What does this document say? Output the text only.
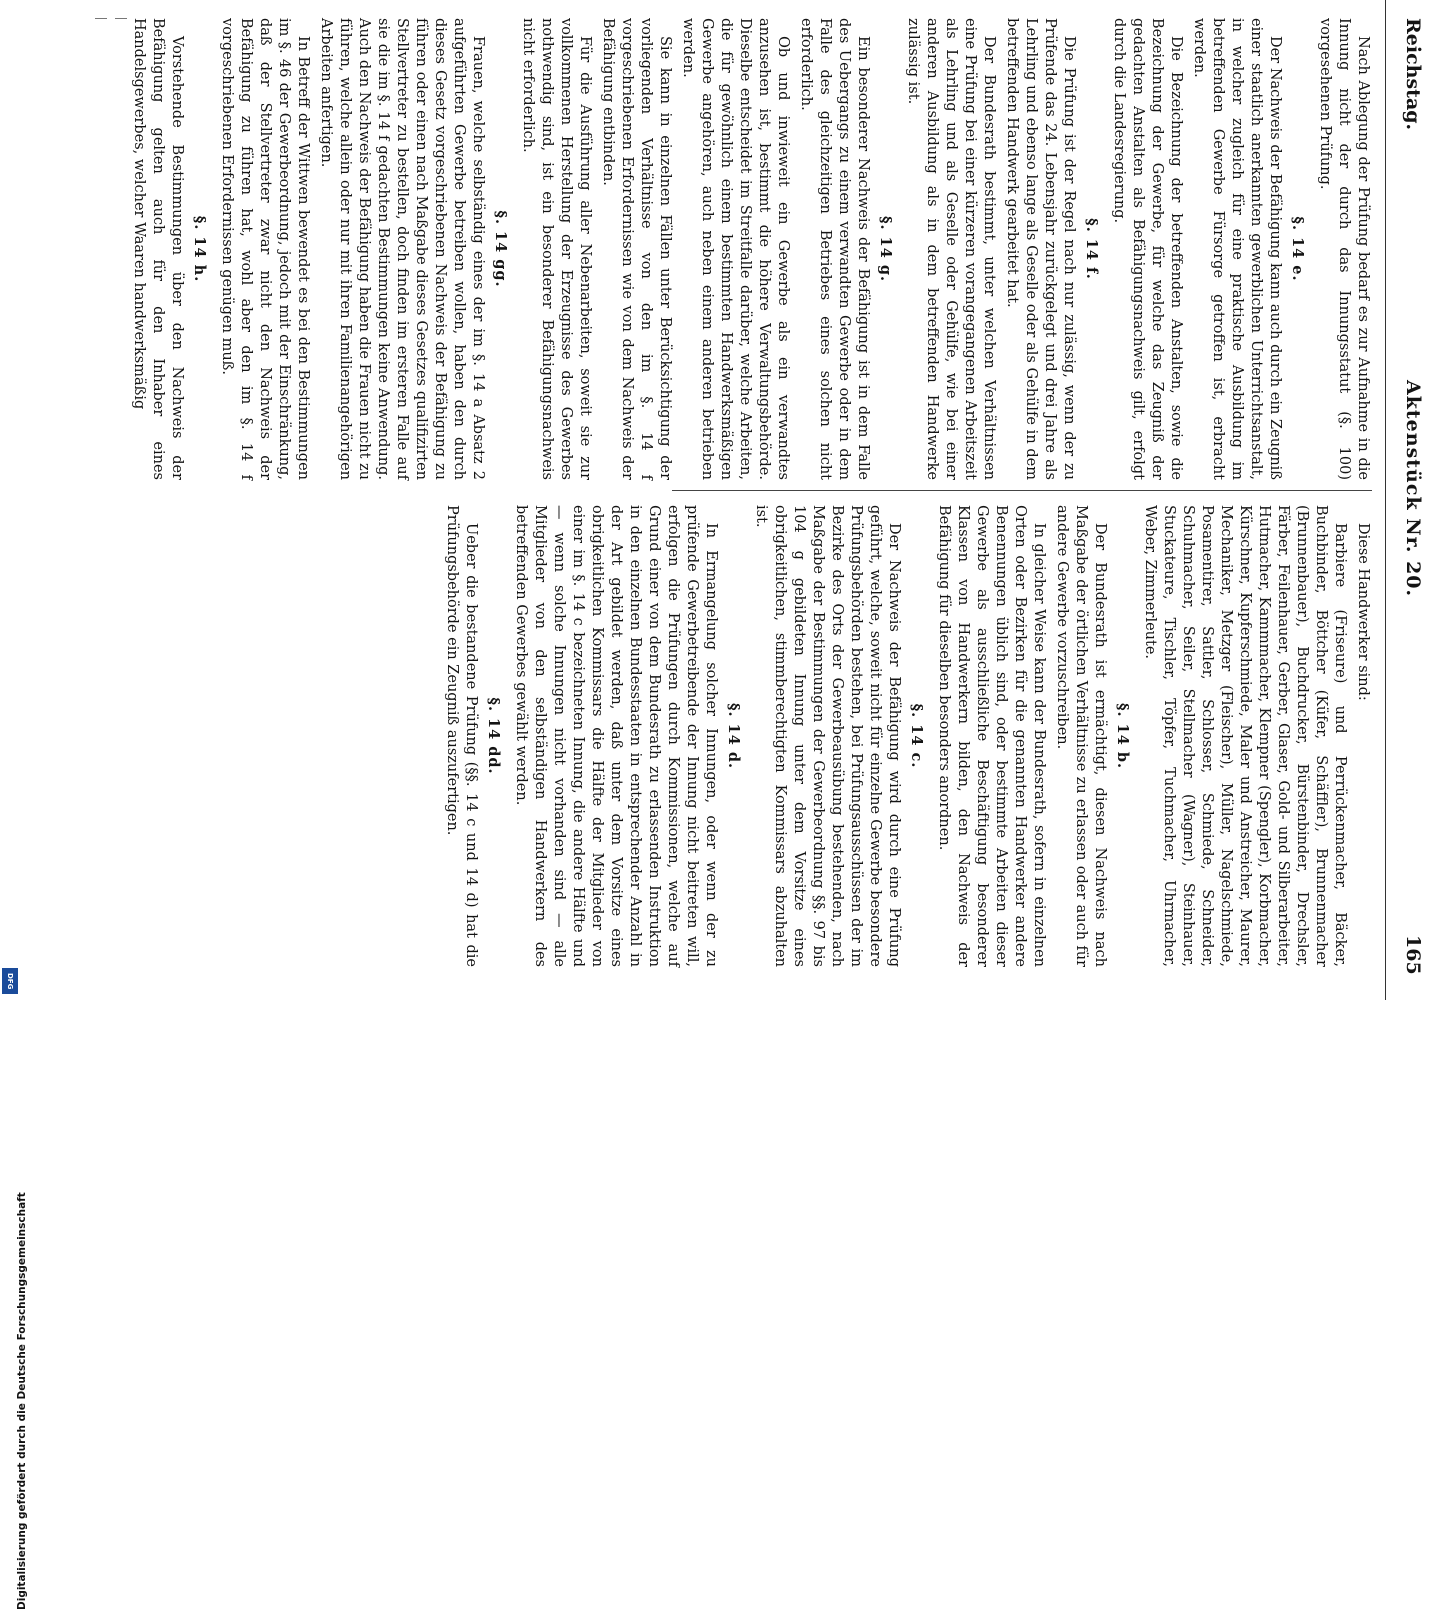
Reichstag.
Aktenstück Nr. 20.
165
Nach Ablegung der Prüfung bedarf es zur Aufnahme in die Innung nicht der durch das Innungsstatut (§. 100) vorgesehenen Prüfung.
§. 14 e.
Der Nachweis der Befähigung kann auch durch ein Zeugniß einer staatlich anerkannten gewerblichen Unterrichtsanstalt, in welcher zugleich für eine praktische Ausbildung im betreffenden Gewerbe Fürsorge getroffen ist, erbracht werden.
Die Bezeichnung der betreffenden Anstalten, sowie die Bezeichnung der Gewerbe, für welche das Zeugniß der gedachten Anstalten als Befähigungsnachweis gilt, erfolgt durch die Landesregierung.
§. 14 f.
Die Prüfung ist der Regel nach nur zulässig, wenn der zu Prüfende das 24. Lebensjahr zurückgelegt und drei Jahre als Lehrling und ebenso lange als Geselle oder als Gehülfe in dem betreffenden Handwerk gearbeitet hat.
Der Bundesrath bestimmt, unter welchen Verhältnissen eine Prüfung bei einer kürzeren vorangegangenen Arbeitszeit als Lehrling und als Geselle oder Gehülfe, wie bei einer anderen Ausbildung als in dem betreffenden Handwerke zulässig ist.
§. 14 g.
Ein besonderer Nachweis der Befähigung ist in dem Falle des Uebergangs zu einem verwandten Gewerbe oder in dem Falle des gleichzeitigen Betriebes eines solchen nicht erforderlich.
Ob und inwieweit ein Gewerbe als ein verwandtes anzusehen ist, bestimmt die höhere Verwaltungsbehörde. Dieselbe entscheidet im Streitfalle darüber, welche Arbeiten, die für gewöhnlich einem bestimmten Handwerksmäßigen Gewerbe angehören, auch neben einem anderen betrieben werden.
Sie kann in einzelnen Fällen unter Berücksichtigung der vorliegenden Verhältnisse von den im §. 14 f vorgeschriebenen Erfordernissen wie von dem Nachweis der Befähigung entbinden.
Für die Ausführung aller Nebenarbeiten, soweit sie zur vollkommenen Herstellung der Erzeugnisse des Gewerbes nothwendig sind, ist ein besonderer Befähigungsnachweis nicht erforderlich.
§. 14 gg.
Frauen, welche selbständig eines der im §. 14 a Absatz 2 aufgeführten Gewerbe betreiben wollen, haben den durch dieses Gesetz vorgeschriebenen Nachweis der Befähigung zu führen oder einen nach Maßgabe dieses Gesetzes qualifizirten Stellvertreter zu bestellen, doch finden im ersteren Falle auf sie die im §. 14 f gedachten Bestimmungen keine Anwendung. Auch den Nachweis der Befähigung haben die Frauen nicht zu führen, welche allein oder nur mit ihren Familienangehörigen Arbeiten anfertigen.
In Betreff der Wittwen bewendet es bei den Bestimmungen im §. 46 der Gewerbeordnung, jedoch mit der Einschränkung, daß der Stellvertreter zwar nicht den Nachweis der Befähigung zu führen hat, wohl aber den im §. 14 f vorgeschriebenen Erfordernissen genügen muß.
§. 14 h.
Vorstehende Bestimmungen über den Nachweis der Befähigung gelten auch für den Inhaber eines Handelsgewerbes, welcher Waaren handwerksmäßig
Diese Handwerker sind:
Barbiere (Friseure) und Perrückenmacher, Bäcker, Buchbinder, Böttcher (Küfer, Schäffler), Brunnenmacher (Brunnenbauer), Buchdrucker, Bürstenbinder, Drechsler, Färber, Feilenhauer, Gerber, Glaser, Gold- und Silberarbeiter, Hutmacher, Kammmacher, Klempner (Spengler), Korbmacher, Kürschner, Kupferschmiede, Maler und Anstreicher, Maurer, Mechaniker, Metzger (Fleischer), Müller, Nagelschmiede, Posamentirer, Sattler, Schlosser, Schmiede, Schneider, Schuhmacher, Seiler, Stellmacher (Wagner), Steinhauer, Stuckateure, Tischler, Töpfer, Tuchmacher, Uhrmacher, Weber, Zimmerleute.
§. 14 b.
Der Bundesrath ist ermächtigt, diesen Nachweis nach Maßgabe der örtlichen Verhältnisse zu erlassen oder auch für andere Gewerbe vorzuschreiben.
In gleicher Weise kann der Bundesrath, sofern in einzelnen Orten oder Bezirken für die genannten Handwerker andere Benennungen üblich sind, oder bestimmte Arbeiten dieser Gewerbe als ausschließliche Beschäftigung besonderer Klassen von Handwerkern bilden, den Nachweis der Befähigung für dieselben besonders anordnen.
§. 14 c.
Der Nachweis der Befähigung wird durch eine Prüfung geführt, welche, soweit nicht für einzelne Gewerbe besondere Prüfungsbehörden bestehen, bei Prüfungsausschüssen der im Bezirke des Orts der Gewerbeausübung bestehenden, nach Maßgabe der Bestimmungen der Gewerbeordnung §§. 97 bis 104 g gebildeten Innung unter dem Vorsitze eines obrigkeitlichen, stimmberechtigten Kommissars abzuhalten ist.
§. 14 d.
In Ermangelung solcher Innungen, oder wenn der zu prüfende Gewerbetreibende der Innung nicht beitreten will, erfolgen die Prüfungen durch Kommissionen, welche auf Grund einer von dem Bundesrath zu erlassenden Instruktion in den einzelnen Bundesstaaten in entsprechender Anzahl in der Art gebildet werden, daß unter dem Vorsitze eines obrigkeitlichen Kommissars die Hälfte der Mitglieder von einer im §. 14 c bezeichneten Innung, die andere Hälfte und — wenn solche Innungen nicht vorhanden sind — alle Mitglieder von den selbständigen Handwerkern des betreffenden Gewerbes gewählt werden.
§. 14 dd.
Ueber die bestandene Prüfung (§§. 14 c und 14 d) hat die Prüfungsbehörde ein Zeugniß auszufertigen.
Digitalisierung gefördert durch die Deutsche Forschungsgemeinschaft
DFG
